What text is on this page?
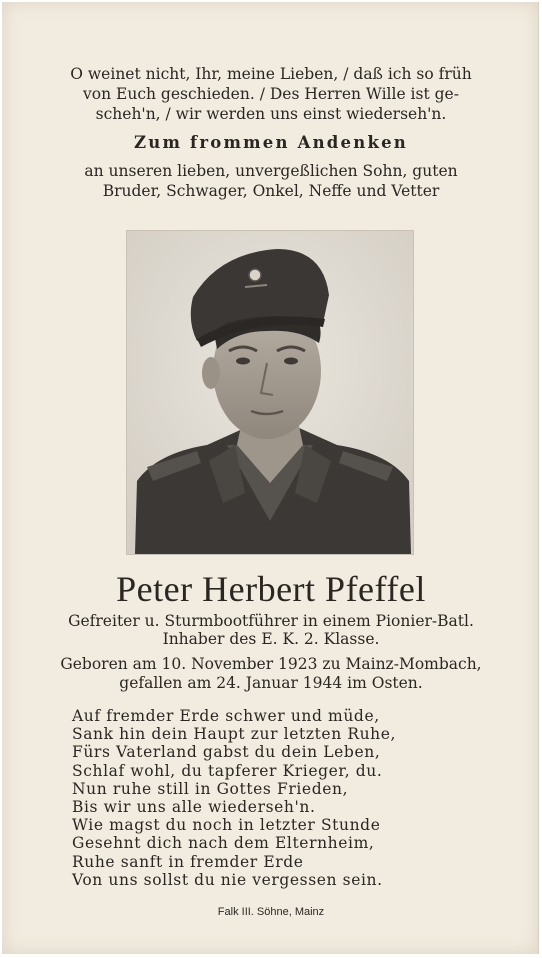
O weinet nicht, Ihr, meine Lieben, / daß ich so früh
von Euch geschieden. / Des Herren Wille ist ge-
scheh'n, / wir werden uns einst wiederseh'n.
Zum frommen Andenken
an unseren lieben, unvergeßlichen Sohn, guten
Bruder, Schwager, Onkel, Neffe und Vetter
Peter Herbert Pfeffel
Gefreiter u. Sturmbootführer in einem Pionier-Batl.
Inhaber des E. K. 2. Klasse.
Geboren am 10. November 1923 zu Mainz-Mombach,
gefallen am 24. Januar 1944 im Osten.
Auf fremder Erde schwer und müde,
Sank hin dein Haupt zur letzten Ruhe,
Fürs Vaterland gabst du dein Leben,
Schlaf wohl, du tapferer Krieger, du.
Nun ruhe still in Gottes Frieden,
Bis wir uns alle wiederseh'n.
Wie magst du noch in letzter Stunde
Gesehnt dich nach dem Elternheim,
Ruhe sanft in fremder Erde
Von uns sollst du nie vergessen sein.
Falk III. Söhne, Mainz
